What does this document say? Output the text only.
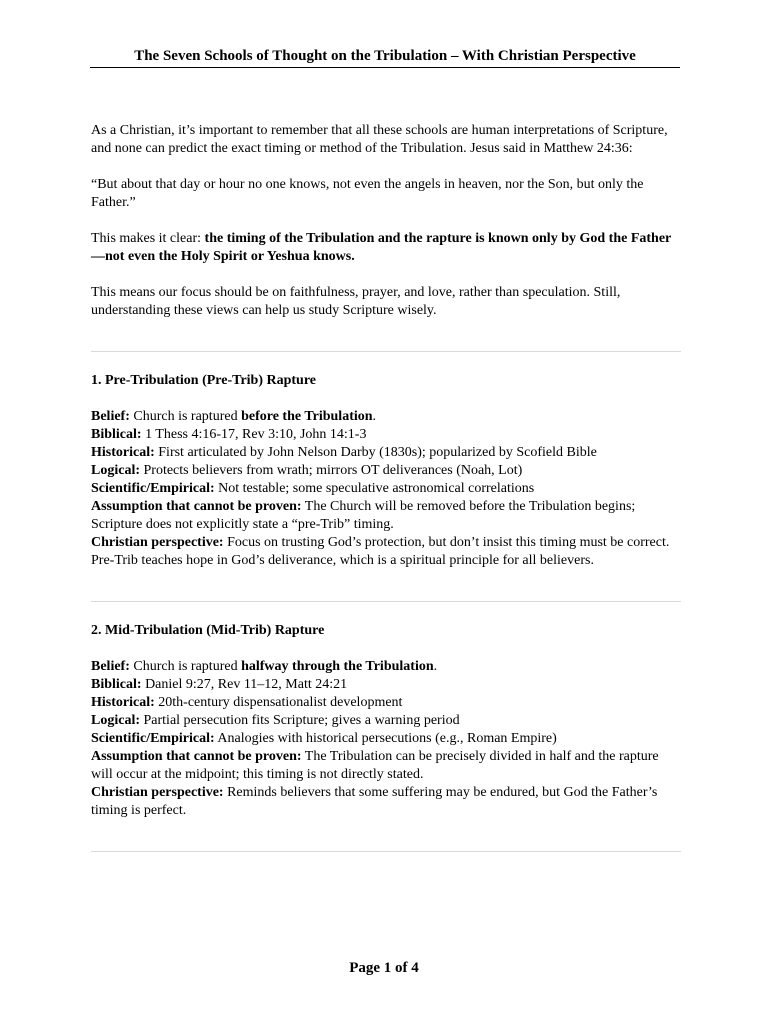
The Seven Schools of Thought on the Tribulation – With Christian Perspective

As a Christian, it’s important to remember that all these schools are human interpretations of Scripture, and none can predict the exact timing or method of the Tribulation. Jesus said in Matthew 24:36:

“But about that day or hour no one knows, not even the angels in heaven, nor the Son, but only the Father.”

This makes it clear: the timing of the Tribulation and the rapture is known only by God the Father—not even the Holy Spirit or Yeshua knows.

This means our focus should be on faithfulness, prayer, and love, rather than speculation. Still, understanding these views can help us study Scripture wisely.

1. Pre-Tribulation (Pre-Trib) Rapture

Belief: Church is raptured before the Tribulation.

Biblical: 1 Thess 4:16-17, Rev 3:10, John 14:1-3

Historical: First articulated by John Nelson Darby (1830s); popularized by Scofield Bible

Logical: Protects believers from wrath; mirrors OT deliverances (Noah, Lot)

Scientific/Empirical: Not testable; some speculative astronomical correlations

Assumption that cannot be proven: The Church will be removed before the Tribulation begins; Scripture does not explicitly state a “pre-Trib” timing.

Christian perspective: Focus on trusting God’s protection, but don’t insist this timing must be correct. Pre-Trib teaches hope in God’s deliverance, which is a spiritual principle for all believers.

2. Mid-Tribulation (Mid-Trib) Rapture

Belief: Church is raptured halfway through the Tribulation.

Biblical: Daniel 9:27, Rev 11–12, Matt 24:21

Historical: 20th-century dispensationalist development

Logical: Partial persecution fits Scripture; gives a warning period

Scientific/Empirical: Analogies with historical persecutions (e.g., Roman Empire)

Assumption that cannot be proven: The Tribulation can be precisely divided in half and the rapture will occur at the midpoint; this timing is not directly stated.

Christian perspective: Reminds believers that some suffering may be endured, but God the Father’s timing is perfect.

Page 1 of 4
